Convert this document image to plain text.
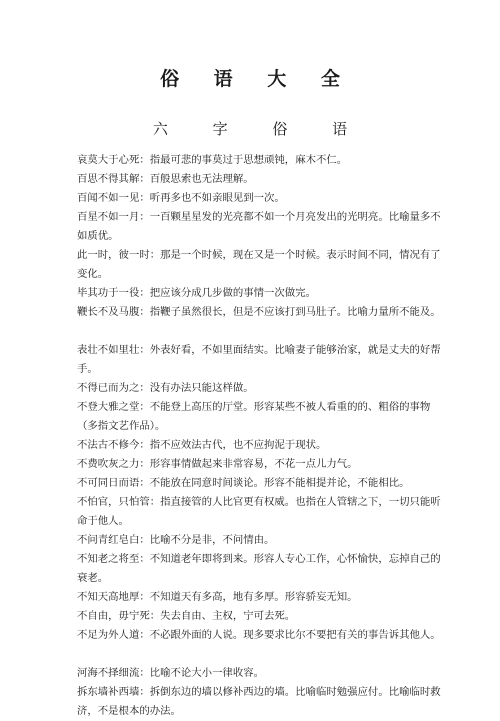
俗 语 大 全
六 字 俗 语

哀莫大于心死：指最可悲的事莫过于思想顽钝，麻木不仁。

百思不得其解：百般思索也无法理解。

百闻不如一见：听再多也不如亲眼见到一次。

百星不如一月：一百颗星星发的光亮都不如一个月亮发出的光明亮。比喻量多不如质优。

此一时，彼一时：那是一个时候，现在又是一个时候。表示时间不同，情况有了变化。

毕其功于一役：把应该分成几步做的事情一次做完。

鞭长不及马腹：指鞭子虽然很长，但是不应该打到马肚子。比喻力量所不能及。

表壮不如里壮：外表好看，不如里面结实。比喻妻子能够治家，就是丈夫的好帮手。

不得已而为之：没有办法只能这样做。

不登大雅之堂：不能登上高压的厅堂。形容某些不被人看重的的、粗俗的事物（多指文艺作品）。

不法古不修今：指不应效法古代，也不应拘泥于现状。

不费吹灰之力：形容事情做起来非常容易，不花一点儿力气。

不可同日而语：不能放在同意时间谈论。形容不能相提并论，不能相比。

不怕官，只怕管：指直接管的人比官更有权威。也指在人管辖之下，一切只能听命于他人。

不问青红皂白：比喻不分是非，不问情由。

不知老之将至：不知道老年即将到来。形容人专心工作，心怀愉快，忘掉自己的衰老。

不知天高地厚：不知道天有多高，地有多厚。形容骄妄无知。

不自由，毋宁死：失去自由、主权，宁可去死。

不足为外人道：不必跟外面的人说。现多要求比尔不要把有关的事告诉其他人。

河海不择细流：比喻不论大小一律收容。

拆东墙补西墙：拆倒东边的墙以修补西边的墙。比喻临时勉强应付。比喻临时救济，不是根本的办法。
